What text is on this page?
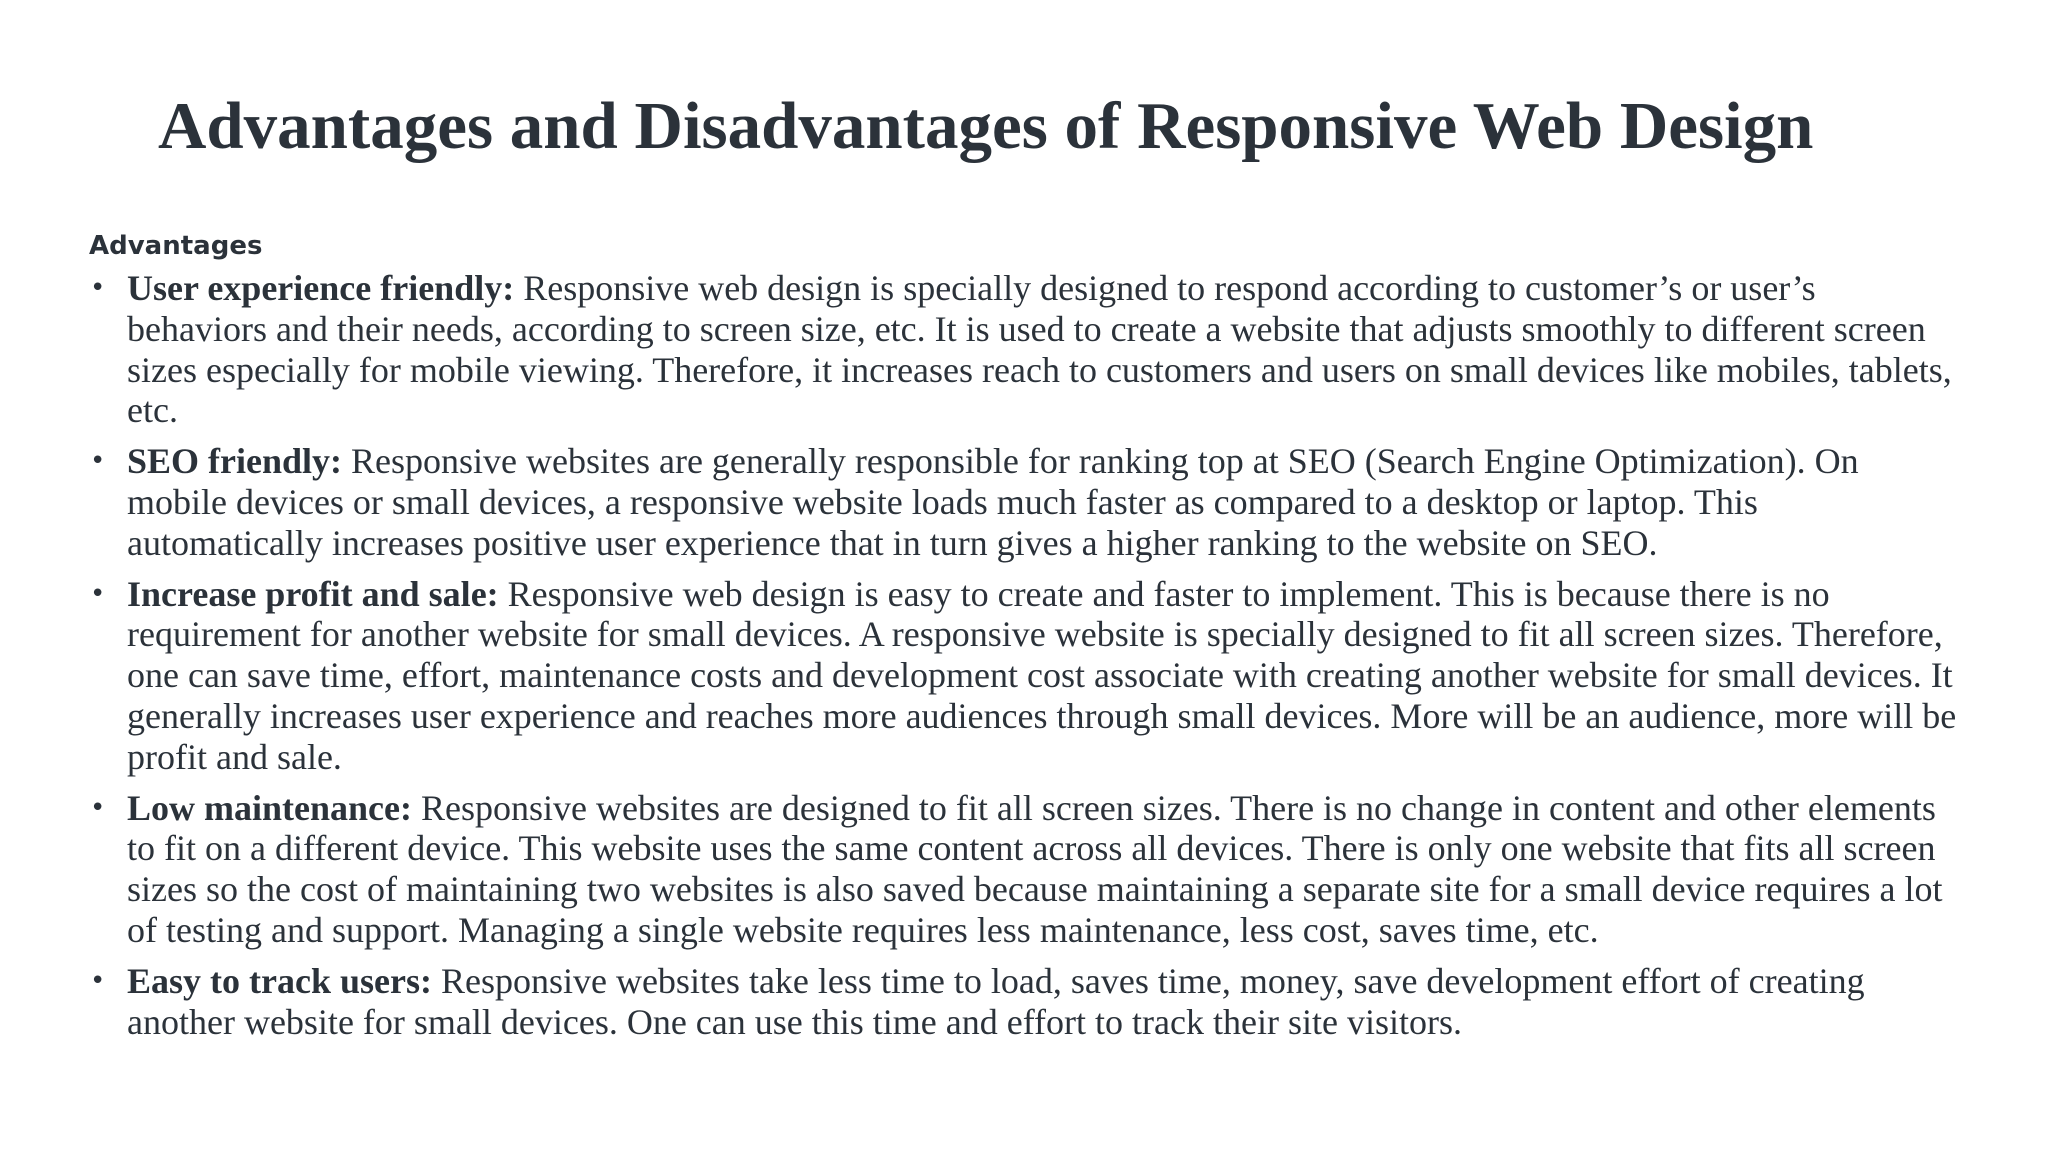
Advantages and Disadvantages of Responsive Web Design
Advantages
• User experience friendly: Responsive web design is specially designed to respond according to customer’s or user’s behaviors and their needs, according to screen size, etc. It is used to create a website that adjusts smoothly to different screen sizes especially for mobile viewing. Therefore, it increases reach to customers and users on small devices like mobiles, tablets, etc.
• SEO friendly: Responsive websites are generally responsible for ranking top at SEO (Search Engine Optimization). On mobile devices or small devices, a responsive website loads much faster as compared to a desktop or laptop. This automatically increases positive user experience that in turn gives a higher ranking to the website on SEO.
• Increase profit and sale: Responsive web design is easy to create and faster to implement. This is because there is no requirement for another website for small devices. A responsive website is specially designed to fit all screen sizes. Therefore, one can save time, effort, maintenance costs and development cost associate with creating another website for small devices. It generally increases user experience and reaches more audiences through small devices. More will be an audience, more will be profit and sale.
• Low maintenance: Responsive websites are designed to fit all screen sizes. There is no change in content and other elements to fit on a different device. This website uses the same content across all devices. There is only one website that fits all screen sizes so the cost of maintaining two websites is also saved because maintaining a separate site for a small device requires a lot of testing and support. Managing a single website requires less maintenance, less cost, saves time, etc.
• Easy to track users: Responsive websites take less time to load, saves time, money, save development effort of creating another website for small devices. One can use this time and effort to track their site visitors.
